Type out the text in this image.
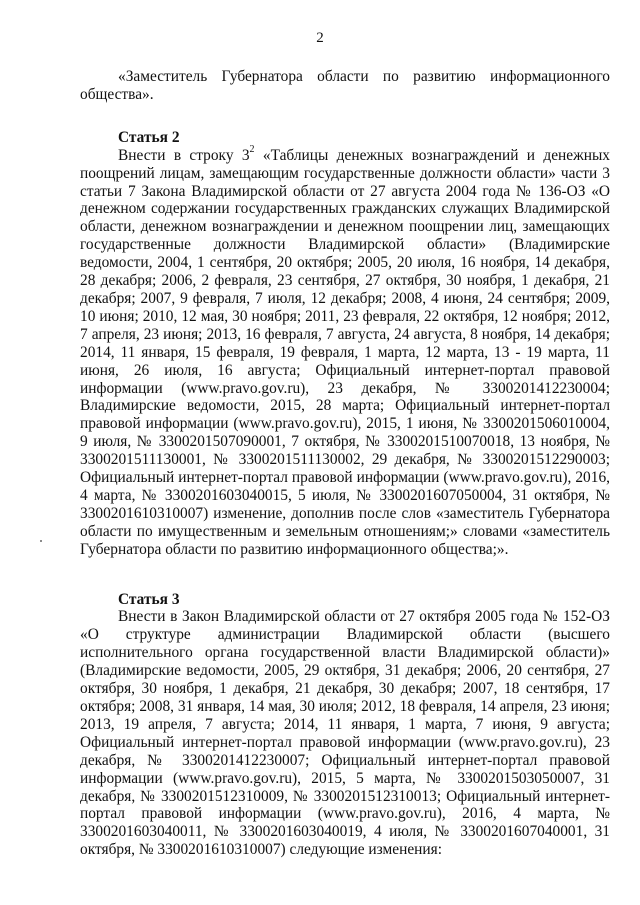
2

«Заместитель Губернатора области по развитию информационного общества».

Статья 2

Внести в строку $3^2$ «Таблицы денежных вознаграждений и денежных поощрений лицам, замещающим государственные должности области» части 3 статьи 7 Закона Владимирской области от 27 августа 2004 года № 136-ОЗ «О денежном содержании государственных гражданских служащих Владимирской области, денежном вознаграждении и денежном поощрении лиц, замещающих государственные должности Владимирской области» (Владимирские ведомости, 2004, 1 сентября, 20 октября; 2005, 20 июля, 16 ноября, 14 декабря, 28 декабря; 2006, 2 февраля, 23 сентября, 27 октября, 30 ноября, 1 декабря, 21 декабря; 2007, 9 февраля, 7 июля, 12 декабря; 2008, 4 июня, 24 сентября; 2009, 10 июня; 2010, 12 мая, 30 ноября; 2011, 23 февраля, 22 октября, 12 ноября; 2012, 7 апреля, 23 июня; 2013, 16 февраля, 7 августа, 24 августа, 8 ноября, 14 декабря; 2014, 11 января, 15 февраля, 19 февраля, 1 марта, 12 марта, 13 - 19 марта, 11 июня, 26 июля, 16 августа; Официальный интернет-портал правовой информации (www.pravo.gov.ru), 23 декабря, № 3300201412230004; Владимирские ведомости, 2015, 28 марта; Официальный интернет-портал правовой информации (www.pravo.gov.ru), 2015, 1 июня, № 3300201506010004, 9 июля, № 3300201507090001, 7 октября, № 3300201510070018, 13 ноября, № 3300201511130001, № 3300201511130002, 29 декабря, № 3300201512290003; Официальный интернет-портал правовой информации (www.pravo.gov.ru), 2016, 4 марта, № 3300201603040015, 5 июля, № 3300201607050004, 31 октября, № 3300201610310007) изменение, дополнив после слов «заместитель Губернатора области по имущественным и земельным отношениям;» словами «заместитель Губернатора области по развитию информационного общества;».

Статья 3

Внести в Закон Владимирской области от 27 октября 2005 года № 152-ОЗ «О структуре администрации Владимирской области (высшего исполнительного органа государственной власти Владимирской области)» (Владимирские ведомости, 2005, 29 октября, 31 декабря; 2006, 20 сентября, 27 октября, 30 ноября, 1 декабря, 21 декабря, 30 декабря; 2007, 18 сентября, 17 октября; 2008, 31 января, 14 мая, 30 июля; 2012, 18 февраля, 14 апреля, 23 июня; 2013, 19 апреля, 7 августа; 2014, 11 января, 1 марта, 7 июня, 9 августа; Официальный интернет-портал правовой информации (www.pravo.gov.ru), 23 декабря, № 3300201412230007; Официальный интернет-портал правовой информации (www.pravo.gov.ru), 2015, 5 марта, № 3300201503050007, 31 декабря, № 3300201512310009, № 3300201512310013; Официальный интернет-портал правовой информации (www.pravo.gov.ru), 2016, 4 марта, № 3300201603040011, № 3300201603040019, 4 июля, № 3300201607040001, 31 октября, № 3300201610310007) следующие изменения:
